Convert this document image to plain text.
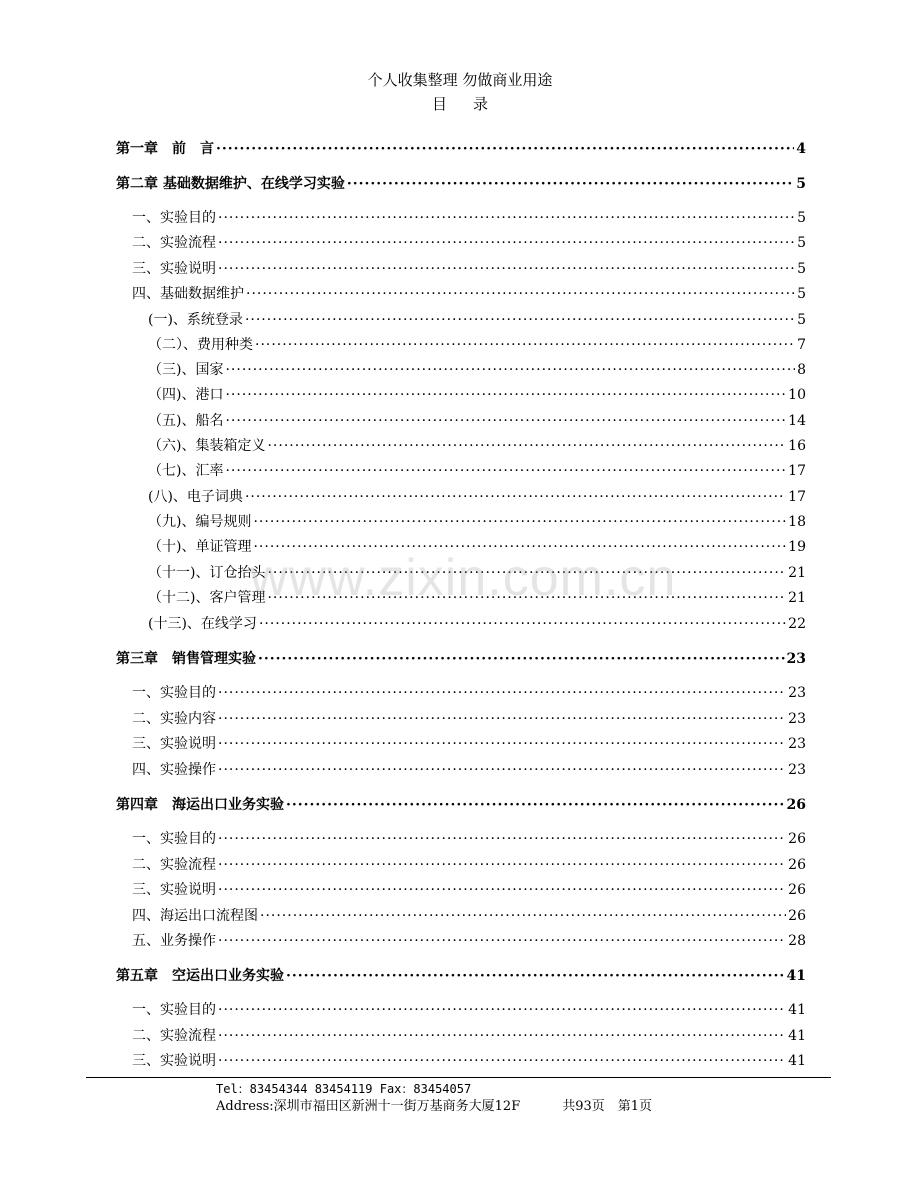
个人收集整理 勿做商业用途
目录
第一章　前　言 ·····	4
第二章 基础数据维护、在线学习实验 ·····	5
一、实验目的 ·····	5
二、实验流程 ·····	5
三、实验说明 ·····	5
四、基础数据维护 ·····	5
(一)、系统登录 ·····	5
（二）、费用种类 ·····	7
（三)、国家 ·····	8
（四)、港口 ·····	10
（五)、船名 ·····	14
（六)、集装箱定义 ·····	16
（七)、汇率 ·····	17
(八)、电子词典 ·····	17
（九)、编号规则 ·····	18
（十)、单证管理 ·····	19
（十一)、订仓抬头 ·····	21
（十二)、客户管理 ·····	21
(十三)、在线学习 ·····	22
第三章　销售管理实验 ·····	23
一、实验目的 ·····	23
二、实验内容 ·····	23
三、实验说明 ·····	23
四、实验操作 ·····	23
第四章　海运出口业务实验 ·····	26
一、实验目的 ·····	26
二、实验流程 ·····	26
三、实验说明 ·····	26
四、海运出口流程图 ·····	26
五、业务操作 ·····	28
第五章　空运出口业务实验 ·····	41
一、实验目的 ·····	41
二、实验流程 ·····	41
三、实验说明 ·····	41
www.zixin.com.cn
Tel：83454344 83454119 Fax：83454057
Address:深圳市福田区新洲十一街万基商务大厦12F	共93页　第1页
